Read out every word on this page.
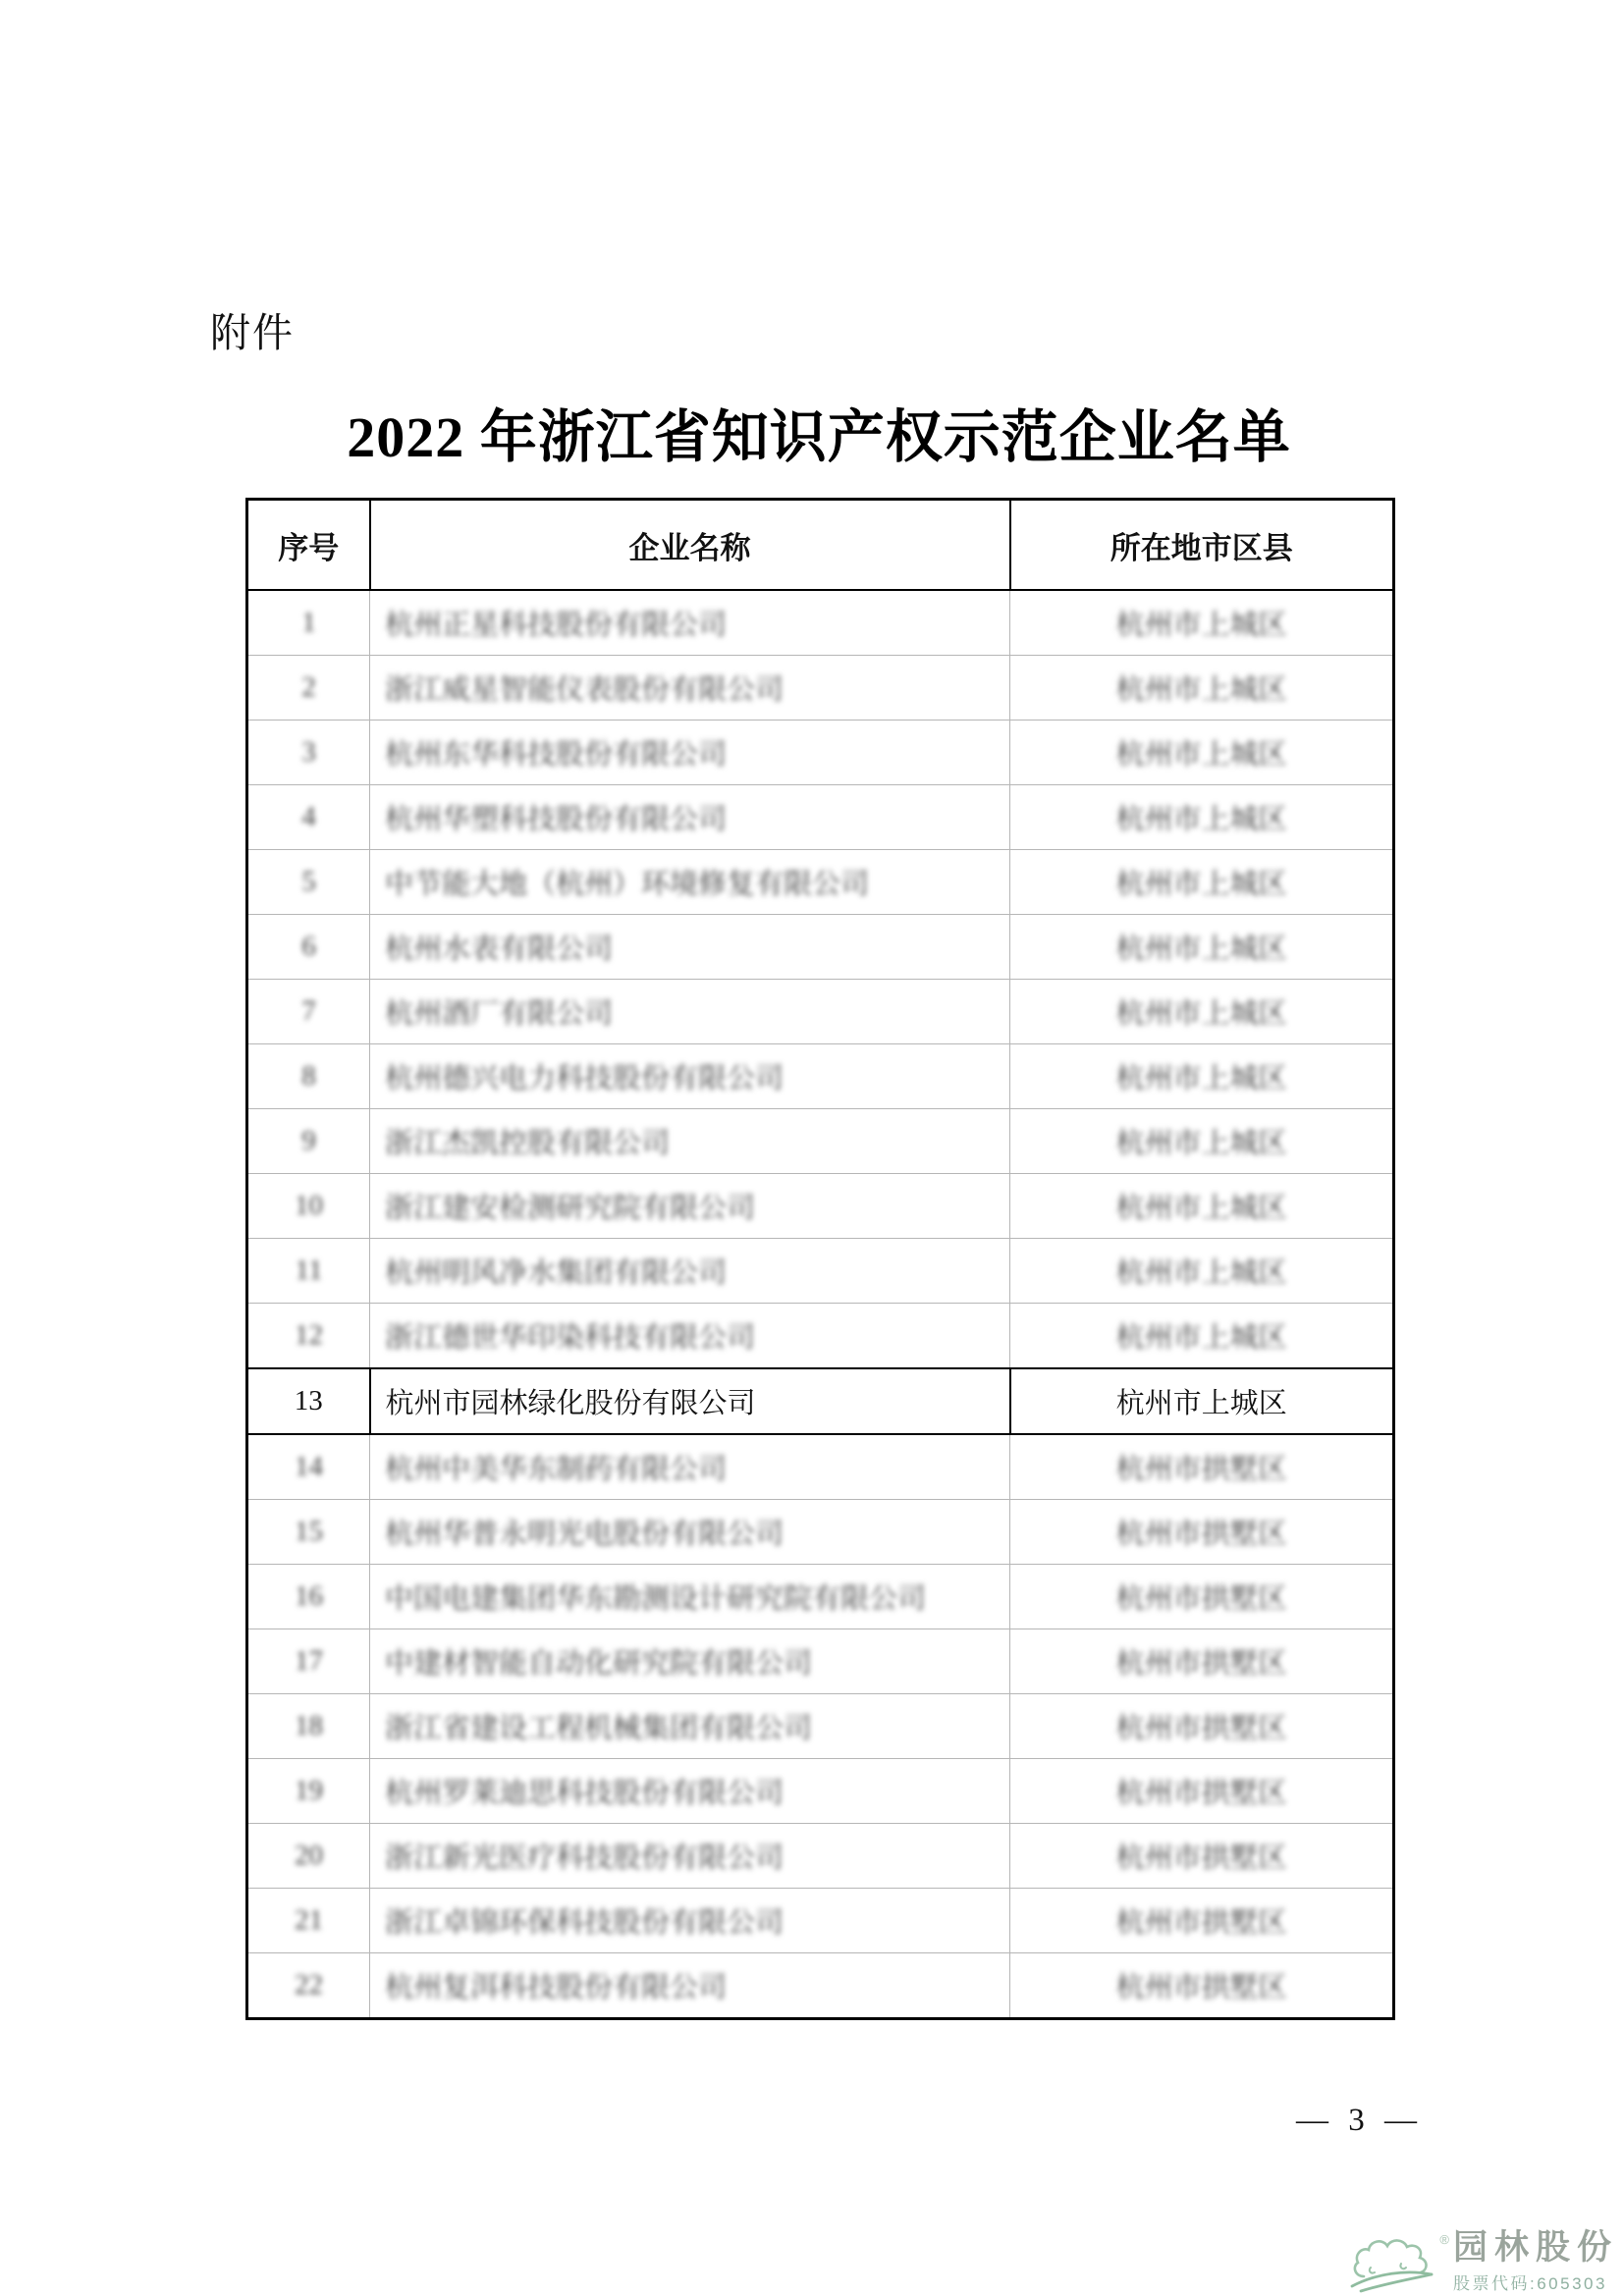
附件
2022 年浙江省知识产权示范企业名单
序号	企业名称	所在地市区县
1	杭州正星科技股份有限公司	杭州市上城区
2	浙江威星智能仪表股份有限公司	杭州市上城区
3	杭州东华科技股份有限公司	杭州市上城区
4	杭州华塑科技股份有限公司	杭州市上城区
5	中节能大地（杭州）环境修复有限公司	杭州市上城区
6	杭州水表有限公司	杭州市上城区
7	杭州酒厂有限公司	杭州市上城区
8	杭州德兴电力科技股份有限公司	杭州市上城区
9	浙江杰凯控股有限公司	杭州市上城区
10	浙江建安检测研究院有限公司	杭州市上城区
11	杭州明风净水集团有限公司	杭州市上城区
12	浙江德世华印染科技有限公司	杭州市上城区
13	杭州市园林绿化股份有限公司	杭州市上城区
14	杭州中美华东制药有限公司	杭州市拱墅区
15	杭州华普永明光电股份有限公司	杭州市拱墅区
16	中国电建集团华东勘测设计研究院有限公司	杭州市拱墅区
17	中建材智能自动化研究院有限公司	杭州市拱墅区
18	浙江省建设工程机械集团有限公司	杭州市拱墅区
19	杭州罗莱迪思科技股份有限公司	杭州市拱墅区
20	浙江新光医疗科技股份有限公司	杭州市拱墅区
21	浙江卓锦环保科技股份有限公司	杭州市拱墅区
22	杭州复洱科技股份有限公司	杭州市拱墅区
— 3 —
® 园林股份
股票代码:605303
